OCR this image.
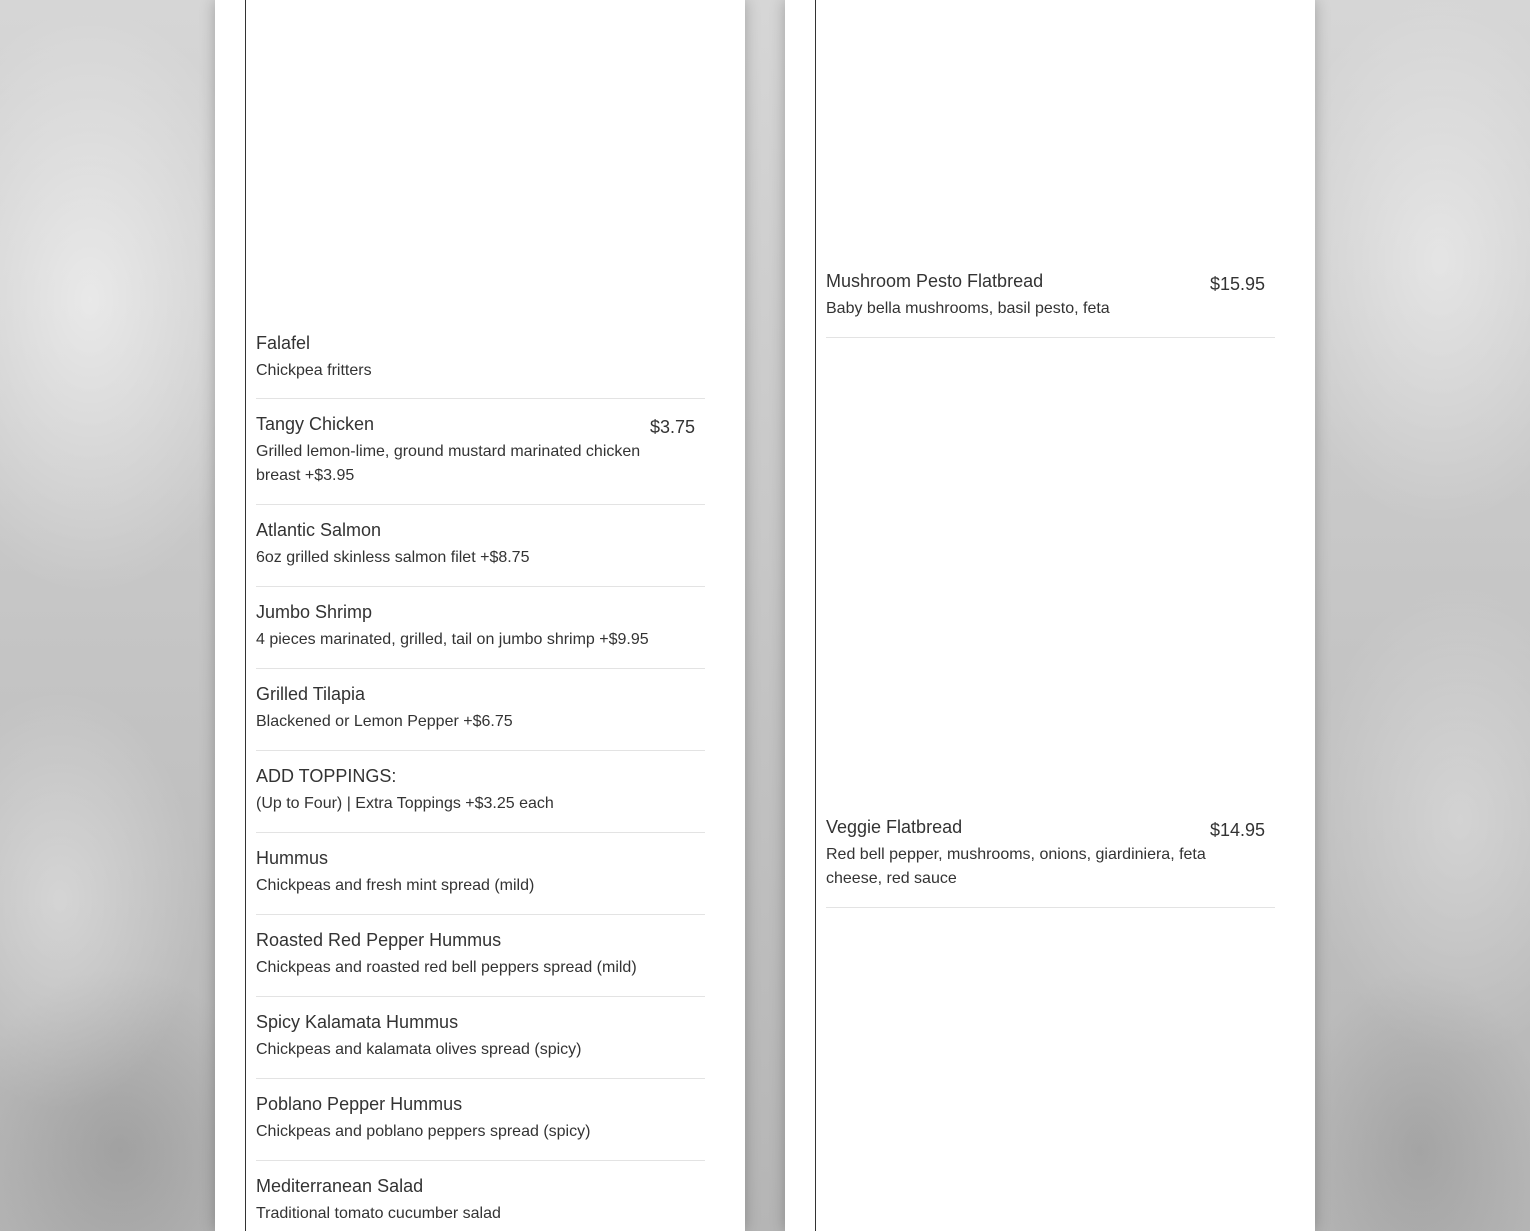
Falafel
Chickpea fritters
Tangy Chicken
Grilled lemon-lime, ground mustard marinated chicken breast +$3.95
$3.75
Atlantic Salmon
6oz grilled skinless salmon filet +$8.75
Jumbo Shrimp
4 pieces marinated, grilled, tail on jumbo shrimp +$9.95
Grilled Tilapia
Blackened or Lemon Pepper +$6.75
ADD TOPPINGS:
(Up to Four) | Extra Toppings +$3.25 each
Hummus
Chickpeas and fresh mint spread (mild)
Roasted Red Pepper Hummus
Chickpeas and roasted red bell peppers spread (mild)
Spicy Kalamata Hummus
Chickpeas and kalamata olives spread (spicy)
Poblano Pepper Hummus
Chickpeas and poblano peppers spread (spicy)
Mediterranean Salad
Traditional tomato cucumber salad
Mushroom Pesto Flatbread
Baby bella mushrooms, basil pesto, feta
$15.95
Veggie Flatbread
Red bell pepper, mushrooms, onions, giardiniera, feta cheese, red sauce
$14.95
